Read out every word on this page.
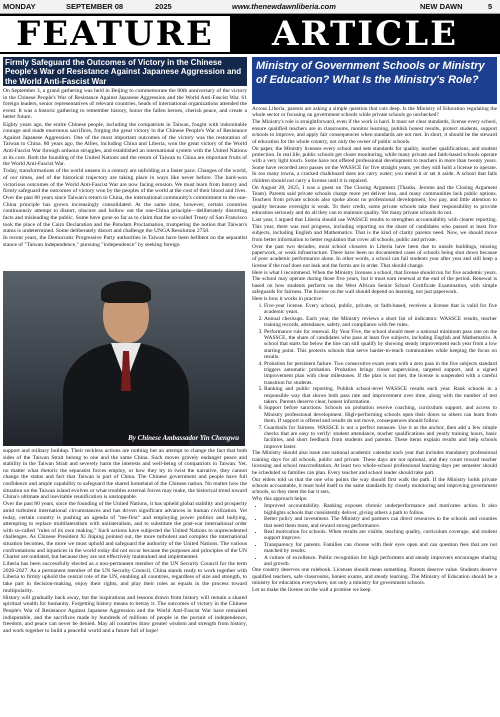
MONDAY	SEPTEMBER 08	2025	www.thenewdawnliberia.com	NEW DAWN	5
FEATURE	ARTICLE
Firmly Safeguard the Outcomes of Victory in the Chinese People's War of Resistance Against Japanese Aggression and the World Anti-Fascist War

On September 3, a grand gathering was held in Beijing to commemorate the 80th anniversary of the victory in the Chinese People's War of Resistance Against Japanese Aggression and the World Anti-Fascist War. 61 foreign leaders, senior representatives of relevant countries, heads of international organizations attended the event. It was a historic gathering to remember history, honor the fallen heroes, cherish peace, and create a better future.

Eighty years ago, the entire Chinese people, including the compatriots in Taiwan, fought with indomitable courage and made enormous sacrifices, forging the great victory in the Chinese People's War of Resistance Against Japanese Aggression. One of the most important outcomes of the victory was the restoration of Taiwan to China. 80 years ago, the Allies, including China and Liberia, won the great victory of the World Anti-Fascist War through arduous struggles, and established an international system with the United Nations at its core. Both the founding of the United Nations and the return of Taiwan to China are important fruits of the World Anti-Fascist War.

Today, transformations of the world unseen in a century are unfolding at a faster pace. Changes of the world, of our times, and of the historical trajectory are taking place in ways like never before. The hard-won victorious outcomes of the World Anti-Fascist War are now facing erosion. We must learn from history and firmly safeguard the outcomes of victory won by the peoples of the world at the cost of their blood and lives.

Over the past 80 years since Taiwan's return to China, the international community's commitment to the one-China principle has grown increasingly consolidated. At the same time, however, certain countries continuously attempt to distort, obscure and hollow out the one-China principle—deliberately distorting facts and misleading the public. Some have gone so far as to claim that the so-called Treaty of San Francisco took the place of the Cairo Declaration and the Potsdam Proclamation, trumpeting the notion that Taiwan's status is undetermined. Some deliberately distort and challenge the UNGA Resolution 2758.

In recent years, the Democratic Progressive Party authorities in Taiwan have been hellbent on the separatist stance of "Taiwan independence," pursuing "independence" by seeking foreign

By Chinese Ambassador Yin Chengwu

support and military buildup. Their reckless actions are nothing but an attempt to change the fact that both sides of the Taiwan Strait belong to one and the same China. Such moves gravely endanger peace and stability in the Taiwan Strait and severely harm the interests and well-being of compatriots in Taiwan. Yet, no matter what rhetoric the separatist forces employ, or how they try to twist the narrative, they cannot change the status and fact that Taiwan is part of China. The Chinese government and people have full confidence and ample capability to safeguard the shared homeland of the Chinese nation. No matter how the situation on the Taiwan island evolves or what troubles external forces may make, the historical trend toward China's ultimate and inevitable reunification is unstoppable.

Over the past 80 years, since the founding of the United Nations, it has upheld global stability and prosperity amid turbulent international circumstances and has driven significant advances in human civilization. Yet today, certain country is pushing an agenda of "me-first" and employing power politics and bullying, attempting to replace multilateralism with unilateralism, and to substitute the post-war international order with so-called "rules of its own making." Such actions have subjected the United Nations to unprecedented challenges. As Chinese President Xi Jinping pointed out, the more turbulent and complex the international situation becomes, the more we must uphold and safeguard the authority of the United Nations. The various confrontations and injustices in the world today did not occur because the purposes and principles of the UN Charter are outdated, but because they are not effectively maintained and implemented.

Liberia has been successfully elected as a non-permanent member of the UN Security Council for the term 2026-2027. As a permanent member of the UN Security Council, China stands ready to work together with Liberia to firmly uphold the central role of the UN, enabling all countries, regardless of size and strength, to take part in decision-making, enjoy their rights, and play their roles as equals in the process toward multipolarity.

History will gradually back away, but the inspirations and lessons drawn from history will remain a shared spiritual wealth for humanity. Forgetting history means to betray it. The outcomes of victory in the Chinese People's War of Resistance Against Japanese Aggression and the World Anti-Fascist War have remained indisputable, and the sacrifices made by hundreds of millions of people in the pursuit of independence, freedom, and peace can never be denied. May all countries draw greater wisdom and strength from history, and work together to build a peaceful world and a future full of hope!

Ministry of Government Schools or Ministry of Education? What Is the Ministry's Role?

Across Liberia, parents are asking a simple question that cuts deep. Is the Ministry of Education regulating the whole sector or focusing on government schools while private schools go unchecked?

The Ministry's role is straightforward, even if the work is hard. It must set clear standards, license every school, ensure qualified teachers are in classrooms, monitor learning, publish honest results, protect students, support schools to improve, and apply fair consequences when standards are not met. In short, it should be the steward of education for the whole country, not only the owner of public schools.

On paper, the Ministry licenses every school and sets standards for quality, teacher qualifications, and student protection. In real life, public schools get closer monitoring, while many private and faith-based schools operate with a very light touch. Some have not offered professional development to teachers in more than twenty years. Some have recorded zero passes on the WASSCE for five straight years, yet they still hold a license to operate. In too many towns, a cracked chalkboard does not carry water; you mend it or set it aside. A school that fails children should not carry a license until it is repaired.

On August 28, 2025, I was a guest on The Closing Argument (Thanks, Jerome and the Closing Argument Team). Parents said private schools charge more yet deliver less, and many communities lack public options. Teachers from private schools also spoke about no professional development, low pay, and little attention to quality because oversight is weak. To their credit, some private schools take their responsibility to provide education seriously and do all they can to maintain quality. Yet many private schools do not.

Last year, I argued that Liberia should use WASSCE results to strengthen accountability with clearer reporting. This year, there was real progress, including reporting on the share of candidates who passed at least five subjects, including English and Mathematics. That is the kind of clarity parents need. Now, we should move from better information to better regulation that cover all schools, public and private.

Over the past two decades, most school closures in Liberia have been due to unsafe buildings, missing paperwork, or weak infrastructure. There have been no documented cases of schools being shut down because of poor academic performance alone. In other words, a school can fail students year after year and still keep a license if the roof does not leak and the forms are in order. That should change.

Here is what I recommend. When the Ministry licenses a school, that license should run for five academic years. The school may operate during those five years, but it must earn renewal at the end of the period. Renewal is based on how students perform on the West African Senior School Certificate Examination, with simple safeguards for fairness. The license on the wall should depend on learning, not just paperwork.

Here is how it works in practice:

1. Five-year license. Every school, public, private, or faith-based, receives a license that is valid for five academic years.
2. Annual checkups. Each year, the Ministry reviews a short list of indicators: WASSCE results, teacher training records, attendance, safety, and compliance with fee rules.
3. Performance rule for renewal. By Year Five, the school should meet a national minimum pass rate on the WASSCE, the share of candidates who pass at least five subjects, including English and Mathematics. A school that starts far below the line can still qualify by showing steady improvement each year from a low starting point. This protects schools that serve harder-to-reach communities while keeping the focus on results.
4. Probation for persistent failure. Two consecutive exam years with a zero pass in the five subjects standard triggers automatic probation. Probation brings closer supervision, targeted support, and a signed improvement plan with clear milestones. If the plan is not met, the license is suspended with a careful transition for students.
5. Ranking and public reporting. Publish school-level WASSCE results each year. Rank schools in a responsible way that shows both pass rate and improvement over time, along with the number of test takers. Parents deserve clear, honest information.
6. Support before sanctions. Schools on probation receive coaching, curriculum support, and access to Ministry professional development. High-performing schools open their doors so others can learn from them. If support is offered and results do not move, consequences should follow.
7. Guardrails for fairness. WASSCE is not a perfect measure. Use it as the anchor, then add a few simple checks that are easy to verify: student attendance, teacher qualifications and yearly training hours, basic facilities, and short feedback from students and parents. These items explain results and help schools improve faster.

The Ministry should also issue one national academic calendar each year that includes mandatory professional training days for all schools, public and private. These days are not optional, and they count toward teacher licensing and school reaccreditation. At least two whole-school professional learning days per semester should be scheduled so families can plan. Every teacher and school leader should take part.

Our elders told us that the one who points the way should first walk the path. If the Ministry holds private schools accountable, it must hold itself to the same standards by closely monitoring and improving government schools, so they meet the bar it sets.

Why this approach helps:

• Improved accountability. Ranking exposes chronic underperformance and motivates action. It also highlights schools that consistently deliver, giving others a path to follow.
• Better policy and investment. The Ministry and partners can direct resources to the schools and counties that need them most, and reward strong performance.
• Real motivation for schools. When results are visible, teaching quality, curriculum coverage, and student support improve.
• Transparency for parents. Families can choose with their eyes open and can question fees that are not matched by results.
• A culture of excellence. Public recognition for high performers and steady improvers encourages sharing and growth.

One country deserves one rulebook. Licenses should mean something. Parents deserve value. Students deserve qualified teachers, safe classrooms, honest exams, and steady learning. The Ministry of Education should be a ministry for education everywhere, not only a ministry for government schools.

Let us make the license on the wall a promise we keep.
